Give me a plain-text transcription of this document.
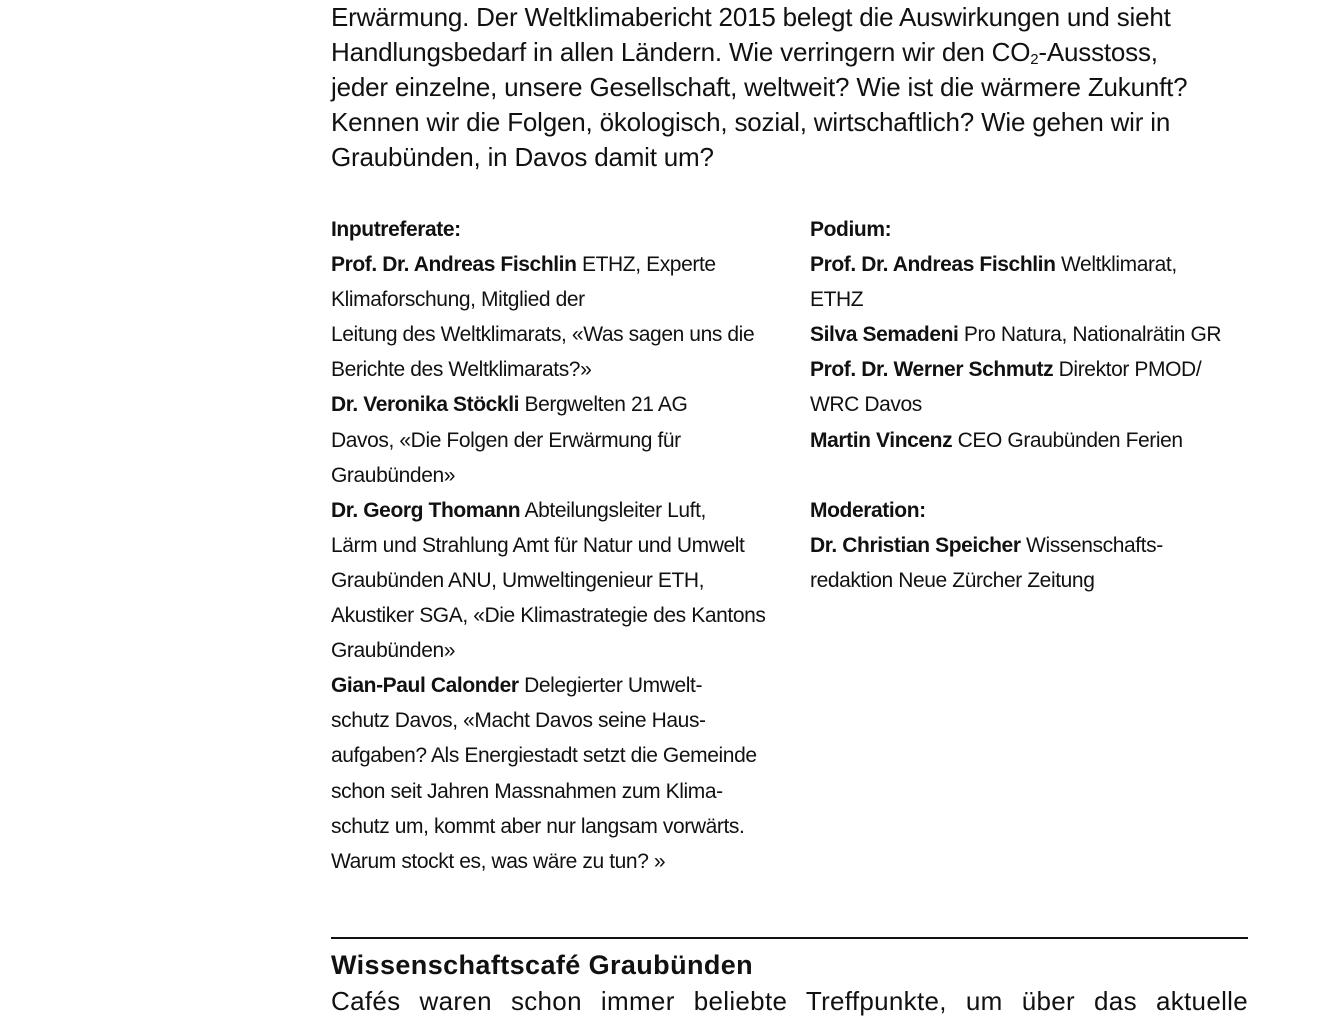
Erwärmung. Der Weltklimabericht 2015 belegt die Auswirkungen und sieht

Handlungsbedarf in allen Ländern. Wie verringern wir den $CO_2$-Ausstoss,

jeder einzelne, unsere Gesellschaft, weltweit? Wie ist die wärmere Zukunft?

Kennen wir die Folgen, ökologisch, sozial, wirtschaftlich? Wie gehen wir in

Graubünden, in Davos damit um?

Inputreferate:

Prof. Dr. Andreas Fischlin ETHZ, Experte
Klimaforschung, Mitglied der
Leitung des Weltklimarats, «Was sagen uns die
Berichte des Weltklimarats?»

Dr. Veronika Stöckli Bergwelten 21 AG
Davos, «Die Folgen der Erwärmung für
Graubünden»

Dr. Georg Thomann Abteilungsleiter Luft,
Lärm und Strahlung Amt für Natur und Umwelt
Graubünden ANU, Umweltingenieur ETH,
Akustiker SGA, «Die Klimastrategie des Kantons
Graubünden»

Gian-Paul Calonder Delegierter Umwelt-
schutz Davos, «Macht Davos seine Haus-
aufgaben? Als Energiestadt setzt die Gemeinde
schon seit Jahren Massnahmen zum Klima-
schutz um, kommt aber nur langsam vorwärts.
Warum stockt es, was wäre zu tun? »

Podium:

Prof. Dr. Andreas Fischlin Weltklimarat,
ETHZ

Silva Semadeni Pro Natura, Nationalrätin GR

Prof. Dr. Werner Schmutz Direktor PMOD/
WRC Davos

Martin Vincenz CEO Graubünden Ferien

Moderation:

Dr. Christian Speicher Wissenschafts-
redaktion Neue Zürcher Zeitung

Wissenschaftscafé Graubünden
Cafés waren schon immer beliebte Treffpunkte, um über das aktuelle
